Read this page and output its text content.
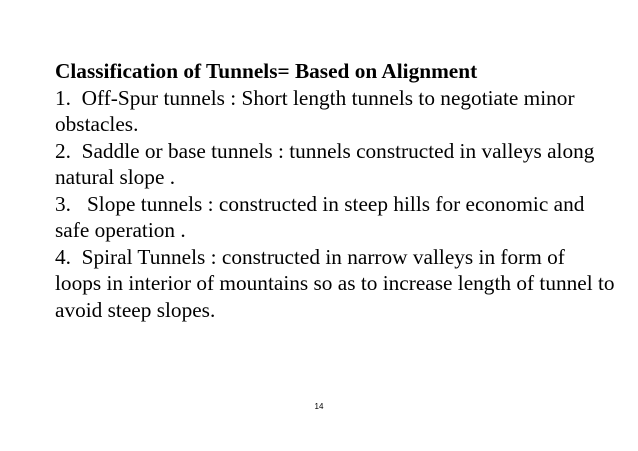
Classification of Tunnels= Based on Alignment

1.  Off-Spur tunnels : Short length tunnels to negotiate minor obstacles.
2.  Saddle or base tunnels : tunnels constructed in valleys along natural slope .
3.   Slope tunnels : constructed in steep hills for economic and safe operation .
4.  Spiral Tunnels : constructed in narrow valleys in form of loops in interior of mountains so as to increase length of tunnel to avoid steep slopes.
14
